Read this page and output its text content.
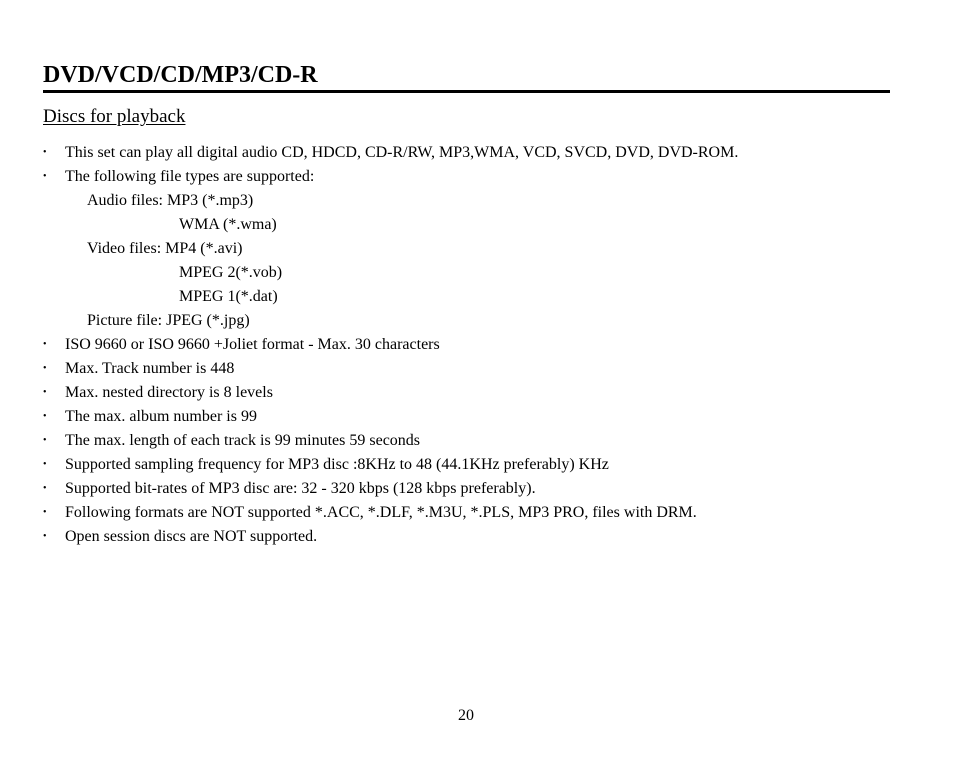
DVD/VCD/CD/MP3/CD-R
Discs for playback
•	This set can play all digital audio CD, HDCD, CD-R/RW, MP3,WMA, VCD, SVCD, DVD, DVD-ROM.
•	The following file types are supported:
Audio files: MP3 (*.mp3)
WMA (*.wma)
Video files: MP4 (*.avi)
MPEG 2(*.vob)
MPEG 1(*.dat)
Picture file: JPEG (*.jpg)
•	ISO 9660 or ISO 9660 +Joliet format - Max. 30 characters
•	Max. Track number is 448
•	Max. nested directory is 8 levels
•	The max. album number is 99
•	The max. length of each track is 99 minutes 59 seconds
•	Supported sampling frequency for MP3 disc :8KHz to 48 (44.1KHz preferably) KHz
•	Supported bit-rates of MP3 disc are: 32 - 320 kbps (128 kbps preferably).
•	Following formats are NOT supported *.ACC, *.DLF, *.M3U, *.PLS, MP3 PRO, files with DRM.
•	Open session discs are NOT supported.
20
